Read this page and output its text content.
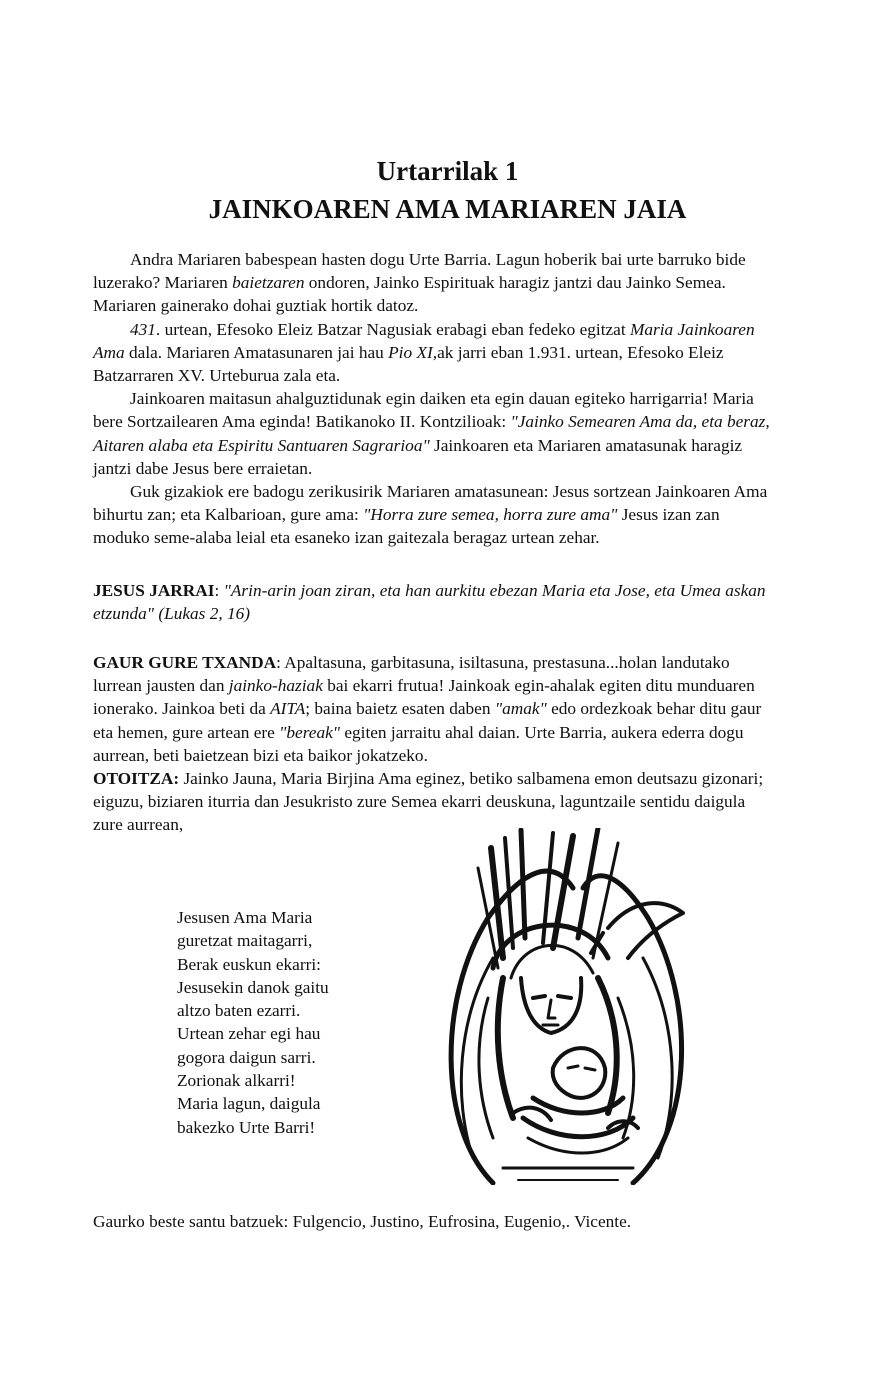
Urtarrilak 1
JAINKOAREN AMA MARIAREN JAIA

Andra Mariaren babespean hasten dogu Urte Barria. Lagun hoberik bai urte barruko bide luzerako? Mariaren baietzaren ondoren, Jainko Espirituak haragiz jantzi dau Jainko Semea. Mariaren gainerako dohai guztiak hortik datoz.

431. urtean, Efesoko Eleiz Batzar Nagusiak erabagi eban fedeko egitzat Maria Jainkoaren Ama dala. Mariaren Amatasunaren jai hau Pio XI,ak jarri eban 1.931. urtean, Efesoko Eleiz Batzarraren XV. Urteburua zala eta.

Jainkoaren maitasun ahalguztidunak egin daiken eta egin dauan egiteko harrigarria! Maria bere Sortzailearen Ama eginda! Batikanoko II. Kontzilioak: "Jainko Semearen Ama da, eta beraz, Aitaren alaba eta Espiritu Santuaren Sagrarioa" Jainkoaren eta Mariaren amatasunak haragiz jantzi dabe Jesus bere erraietan.

Guk gizakiok ere badogu zerikusirik Mariaren amatasunean: Jesus sortzean Jainkoaren Ama bihurtu zan; eta Kalbarioan, gure ama: "Horra zure semea, horra zure ama" Jesus izan zan moduko seme-alaba leial eta esaneko izan gaitezala beragaz urtean zehar.

JESUS JARRAI: "Arin-arin joan ziran, eta han aurkitu ebezan Maria eta Jose, eta Umea askan etzunda" (Lukas 2, 16)

GAUR GURE TXANDA: Apaltasuna, garbitasuna, isiltasuna, prestasuna...holan landutako lurrean jausten dan jainko-haziak bai ekarri frutua! Jainkoak egin-ahalak egiten ditu munduaren ionerako. Jainkoa beti da AITA; baina baietz esaten daben "amak" edo ordezkoak behar ditu gaur eta hemen, gure artean ere "bereak" egiten jarraitu ahal daian. Urte Barria, aukera ederra dogu aurrean, beti baietzean bizi eta baikor jokatzeko.

OTOITZA: Jainko Jauna, Maria Birjina Ama eginez, betiko salbamena emon deutsazu gizonari; eiguzu, biziaren iturria dan Jesukristo zure Semea ekarri deuskuna, laguntzaile sentidu daigula zure aurrean,

Jesusen Ama Maria
guretzat maitagarri,
Berak euskun ekarri:
Jesusekin danok gaitu
altzo baten ezarri.
Urtean zehar egi hau
gogora daigun sarri.
Zorionak alkarri!
Maria lagun, daigula
bakezko Urte Barri!
Gaurko beste santu batzuek: Fulgencio, Justino, Eufrosina, Eugenio,. Vicente.
